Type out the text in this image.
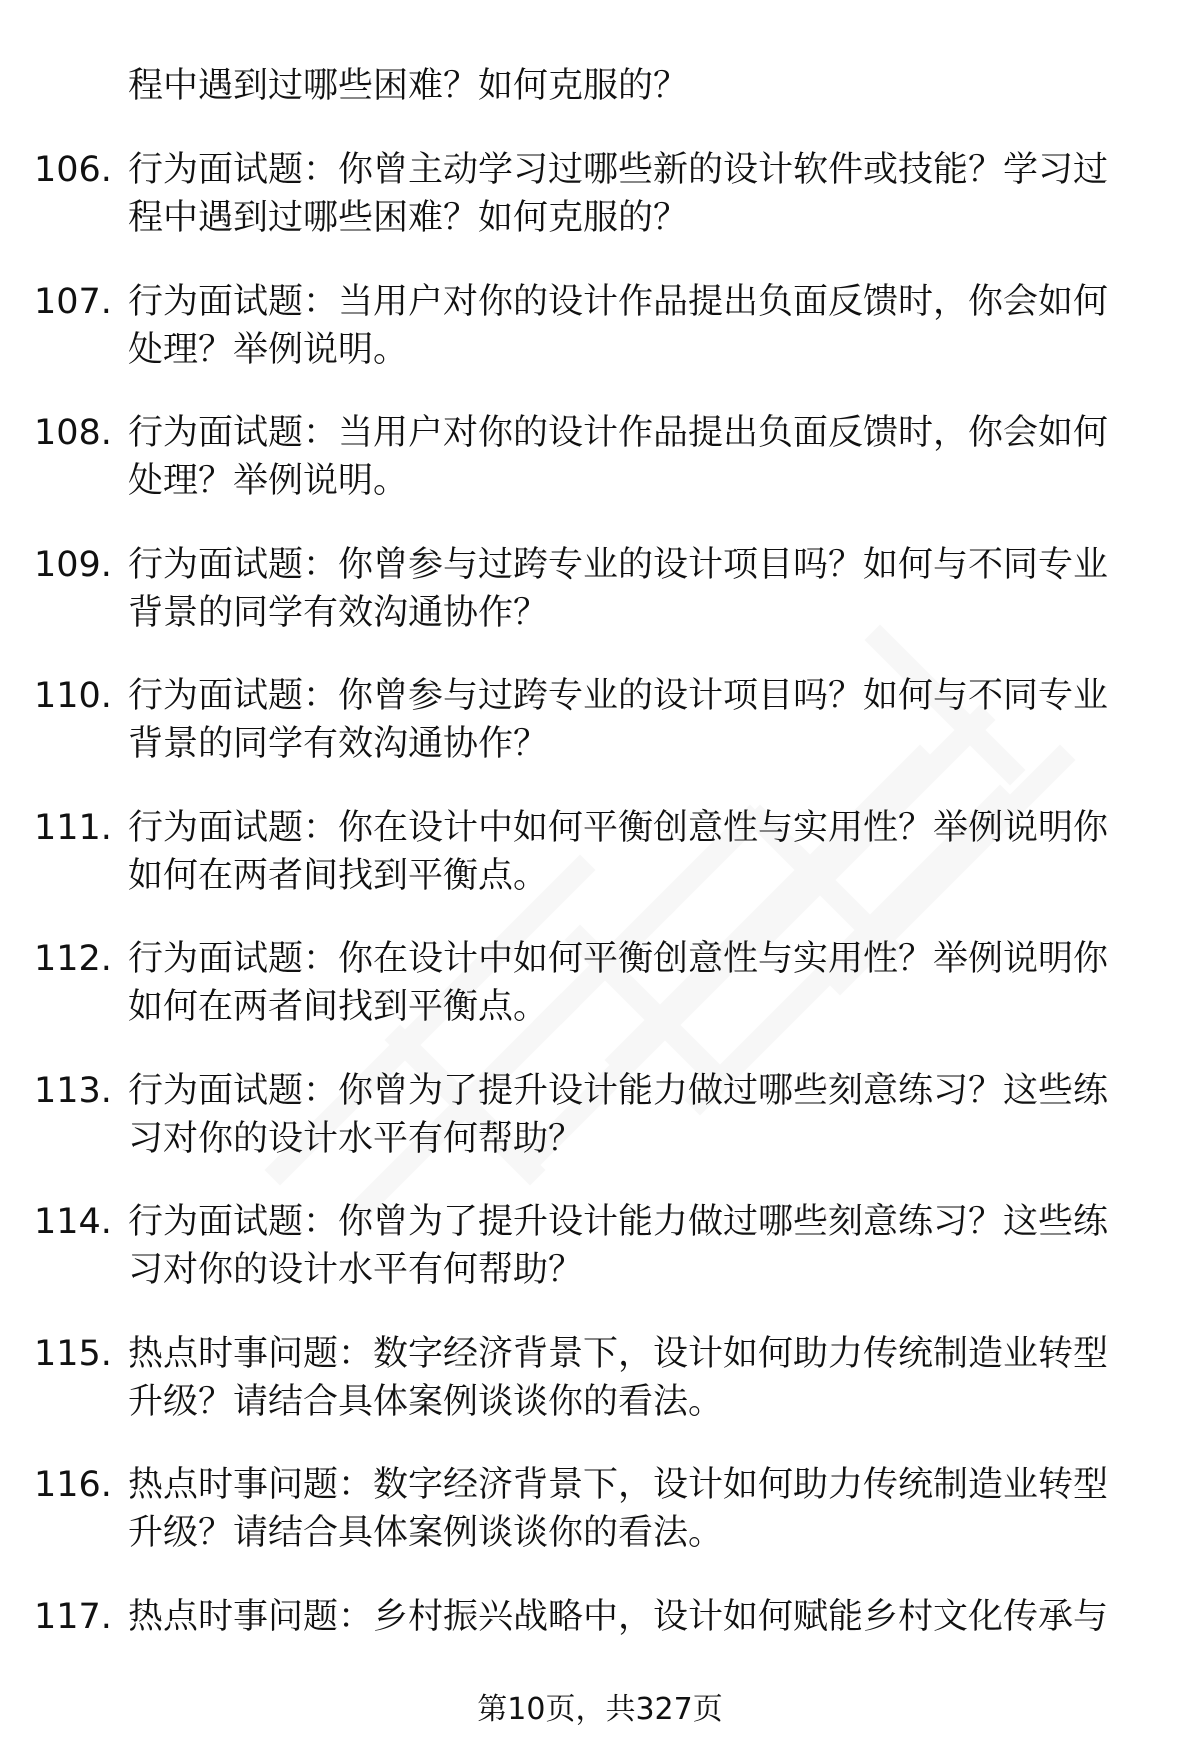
程中遇到过哪些困难？如何克服的？
106. 行为面试题：你曾主动学习过哪些新的设计软件或技能？学习过
程中遇到过哪些困难？如何克服的？
107. 行为面试题：当用户对你的设计作品提出负面反馈时，你会如何
处理？举例说明。
108. 行为面试题：当用户对你的设计作品提出负面反馈时，你会如何
处理？举例说明。
109. 行为面试题：你曾参与过跨专业的设计项目吗？如何与不同专业
背景的同学有效沟通协作？
110. 行为面试题：你曾参与过跨专业的设计项目吗？如何与不同专业
背景的同学有效沟通协作？
111. 行为面试题：你在设计中如何平衡创意性与实用性？举例说明你
如何在两者间找到平衡点。
112. 行为面试题：你在设计中如何平衡创意性与实用性？举例说明你
如何在两者间找到平衡点。
113. 行为面试题：你曾为了提升设计能力做过哪些刻意练习？这些练
习对你的设计水平有何帮助？
114. 行为面试题：你曾为了提升设计能力做过哪些刻意练习？这些练
习对你的设计水平有何帮助？
115. 热点时事问题：数字经济背景下，设计如何助力传统制造业转型
升级？请结合具体案例谈谈你的看法。
116. 热点时事问题：数字经济背景下，设计如何助力传统制造业转型
升级？请结合具体案例谈谈你的看法。
117. 热点时事问题：乡村振兴战略中，设计如何赋能乡村文化传承与
第10页，共327页
